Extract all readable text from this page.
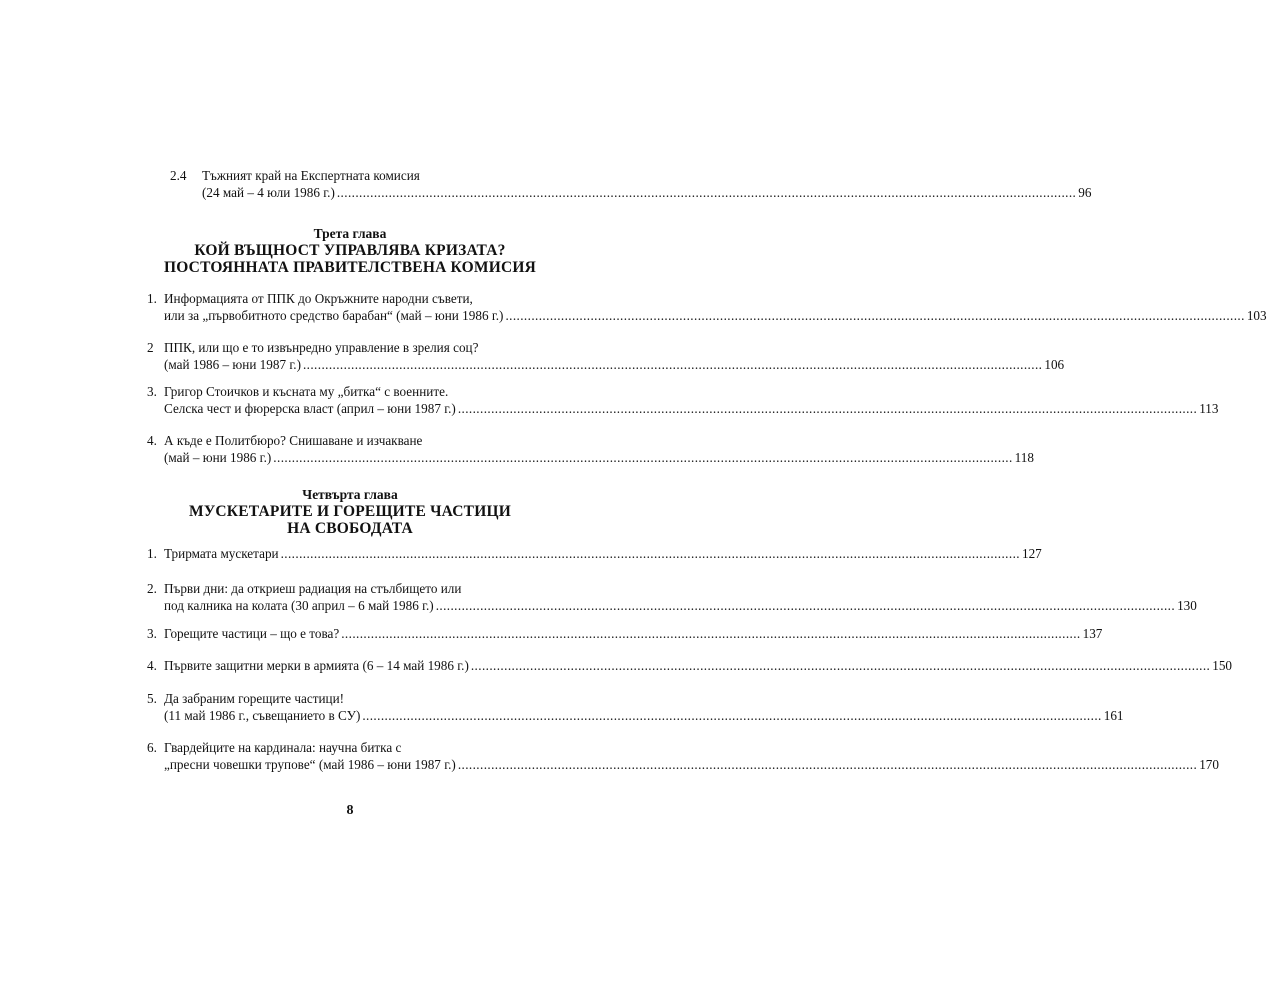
2.4 Тъжният край на Експертната комисия
(24 май – 4 юли 1986 г.) ........................................................................................................................................................................................................ 96
Трета глава
КОЙ ВЪЩНОСТ УПРАВЛЯВА КРИЗАТА?
ПОСТОЯННАТА ПРАВИТЕЛСТВЕНА КОМИСИЯ
1. Информацията от ППК до Окръжните народни съвети,
или за „първобитното средство барабан“ (май – юни 1986 г.) ........................................................................................................................................................................................................ 103
2 ППК, или що е то извънредно управление в зрелия соц?
(май 1986 – юни 1987 г.) ........................................................................................................................................................................................................ 106
3. Григор Стоичков и късната му „битка“ с военните.
Селска чест и фюрерска власт (април – юни 1987 г.) ........................................................................................................................................................................................................ 113
4. А къде е Политбюро? Снишаване и изчакване
(май – юни 1986 г.) ........................................................................................................................................................................................................ 118
Четвърта глава
МУСКЕТАРИТЕ И ГОРЕЩИТЕ ЧАСТИЦИ
НА СВОБОДАТА
1. Трирмата мускетари ........................................................................................................................................................................................................ 127
2. Първи дни: да откриеш радиация на стълбището или
под калника на колата (30 април – 6 май 1986 г.) ........................................................................................................................................................................................................ 130
3. Горещите частици – що е това? ........................................................................................................................................................................................................ 137
4. Първите защитни мерки в армията (6 – 14 май 1986 г.) ........................................................................................................................................................................................................ 150
5. Да забраним горещите частици!
(11 май 1986 г., съвещанието в СУ) ........................................................................................................................................................................................................ 161
6. Гвардейците на кардинала: научна битка с
„пресни човешки трупове“ (май 1986 – юни 1987 г.) ........................................................................................................................................................................................................ 170
8
